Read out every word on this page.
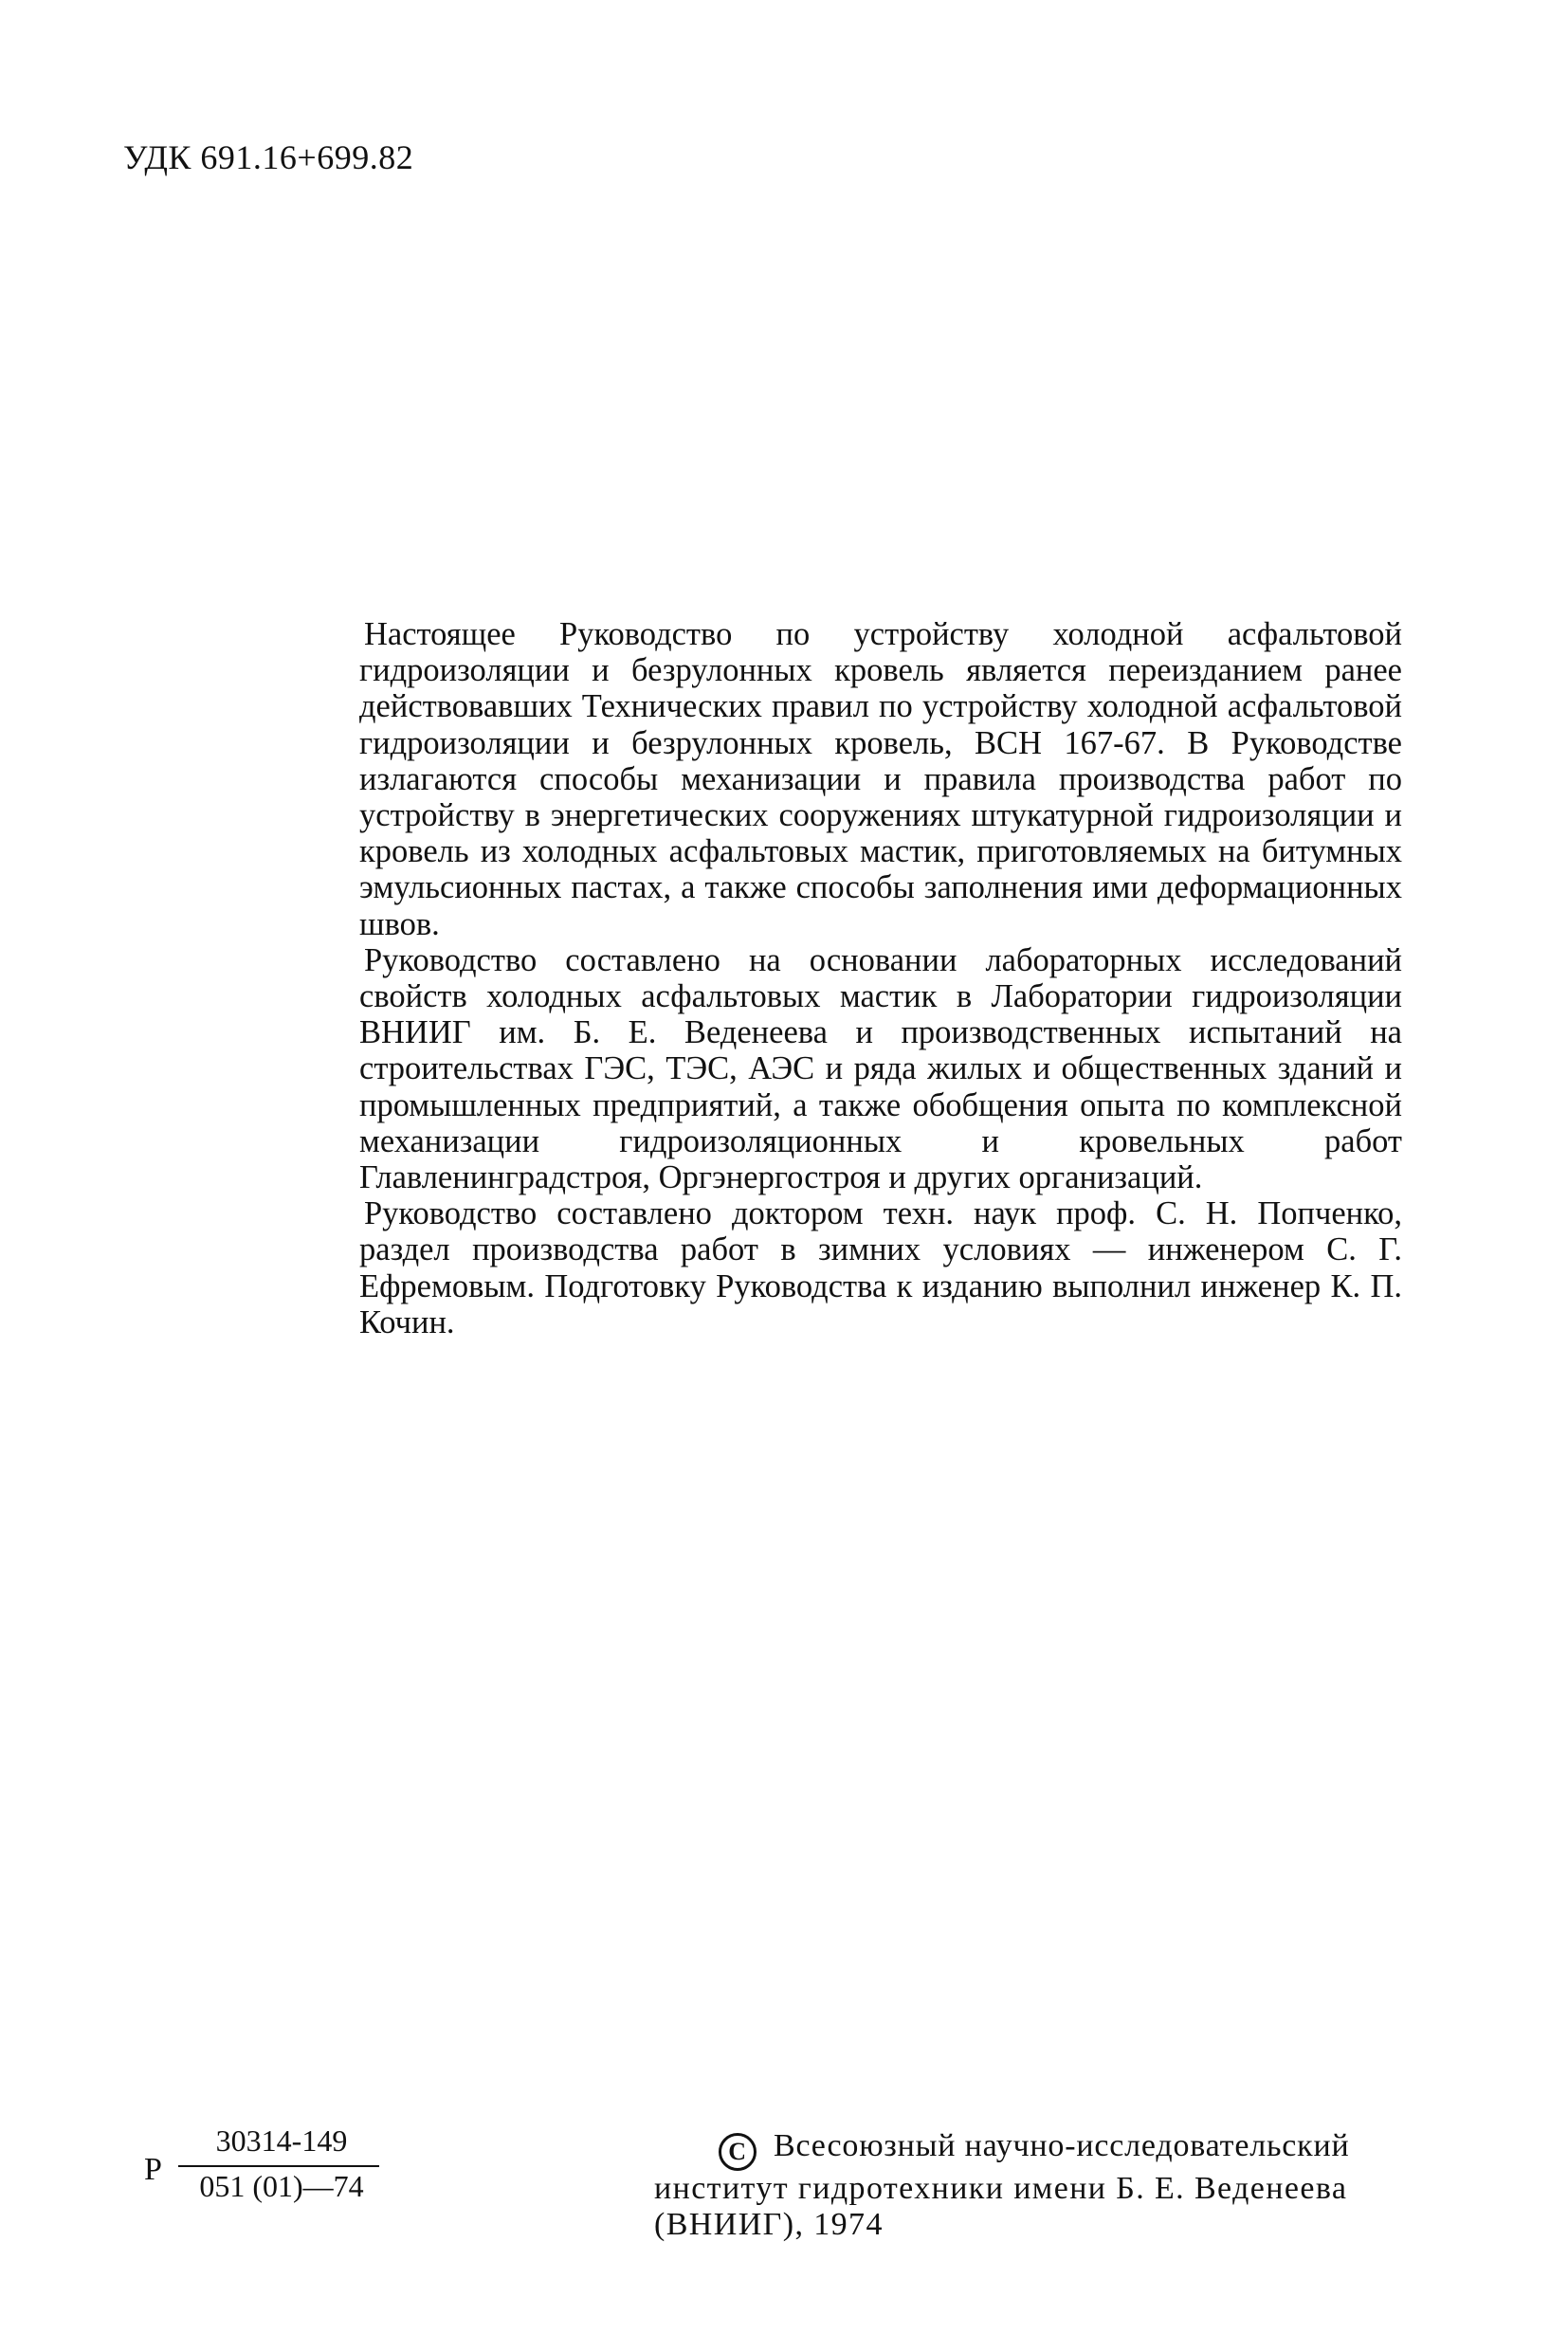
УДК 691.16+699.82

Настоящее Руководство по устройству холодной асфальтовой гидроизоляции и безрулонных кровель является переизданием ранее действовавших Технических правил по устройству холодной асфальтовой гидроизоляции и безрулонных кровель, ВСН 167-67. В Руководстве излагаются способы механизации и правила производства работ по устройству в энергетических сооружениях штукатурной гидроизоляции и кровель из холодных асфальтовых мастик, приготовляемых на битумных эмульсионных пастах, а также способы заполнения ими деформационных швов.

Руководство составлено на основании лабораторных исследований свойств холодных асфальтовых мастик в Лаборатории гидроизоляции ВНИИГ им. Б. Е. Веденеева и производственных испытаний на строительствах ГЭС, ТЭС, АЭС и ряда жилых и общественных зданий и промышленных предприятий, а также обобщения опыта по комплексной механизации гидроизоляционных и кровельных работ Главленинградстроя, Оргэнергостроя и других организаций.

Руководство составлено доктором техн. наук проф. С. Н. Попченко, раздел производства работ в зимних условиях — инженером С. Г. Ефремовым. Подготовку Руководства к изданию выполнил инженер К. П. Кочин.

Р
30314-149
051 (01)—74
C Всесоюзный научно-исследовательский
институт гидротехники имени Б. Е. Веденеева
(ВНИИГ), 1974
